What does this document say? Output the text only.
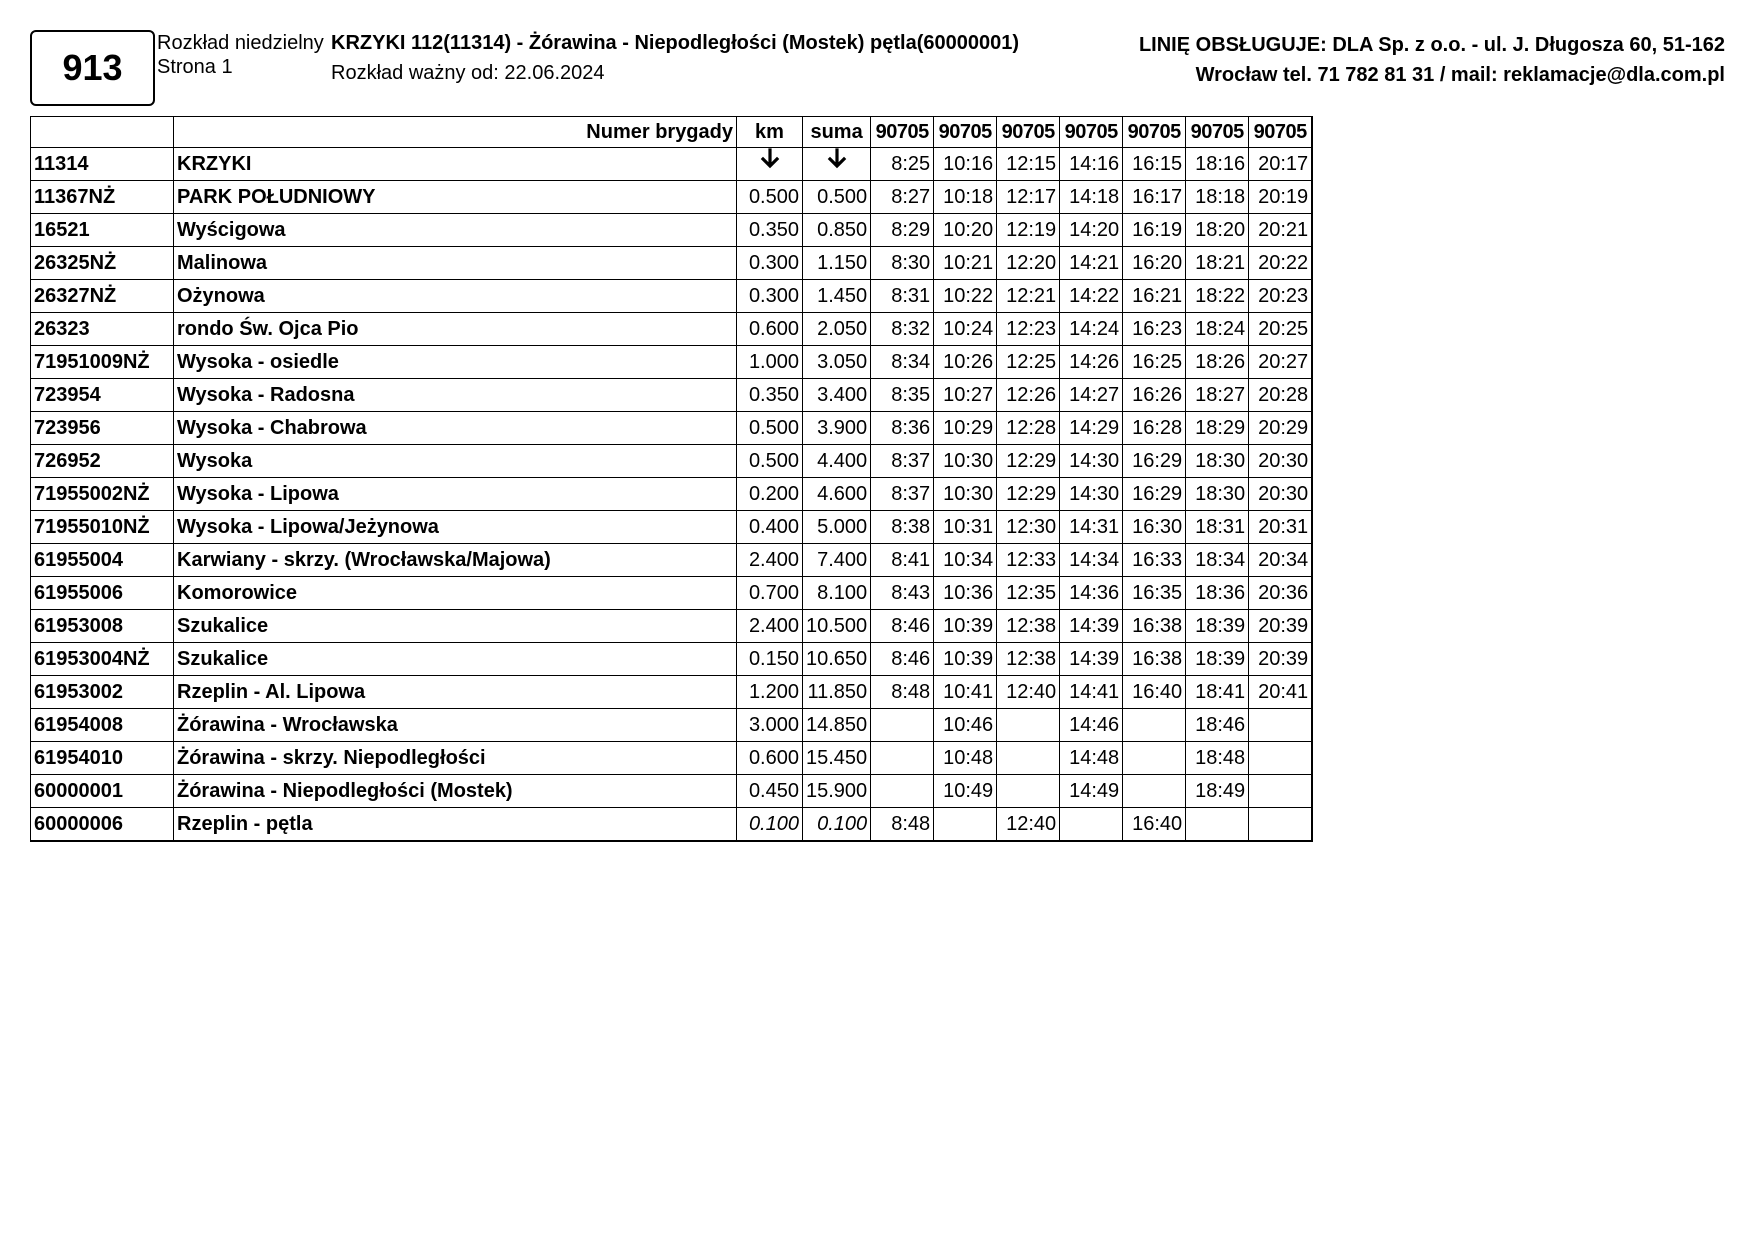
913
Rozkład niedzielny
Strona 1
KRZYKI 112(11314) - Żórawina - Niepodległości (Mostek) pętla(60000001)
Rozkład ważny od: 22.06.2024
LINIĘ OBSŁUGUJE: DLA Sp. z o.o. - ul. J. Długosza 60, 51-162
Wrocław tel. 71 782 81 31 / mail: reklamacje@dla.com.pl
	Numer brygady	km	suma	90705	90705	90705	90705	90705	90705	90705
11314	KRZYKI			8:25	10:16	12:15	14:16	16:15	18:16	20:17
11367NŻ	PARK POŁUDNIOWY	0.500	0.500	8:27	10:18	12:17	14:18	16:17	18:18	20:19
16521	Wyścigowa	0.350	0.850	8:29	10:20	12:19	14:20	16:19	18:20	20:21
26325NŻ	Malinowa	0.300	1.150	8:30	10:21	12:20	14:21	16:20	18:21	20:22
26327NŻ	Ożynowa	0.300	1.450	8:31	10:22	12:21	14:22	16:21	18:22	20:23
26323	rondo Św. Ojca Pio	0.600	2.050	8:32	10:24	12:23	14:24	16:23	18:24	20:25
71951009NŻ	Wysoka - osiedle	1.000	3.050	8:34	10:26	12:25	14:26	16:25	18:26	20:27
723954	Wysoka - Radosna	0.350	3.400	8:35	10:27	12:26	14:27	16:26	18:27	20:28
723956	Wysoka - Chabrowa	0.500	3.900	8:36	10:29	12:28	14:29	16:28	18:29	20:29
726952	Wysoka	0.500	4.400	8:37	10:30	12:29	14:30	16:29	18:30	20:30
71955002NŻ	Wysoka - Lipowa	0.200	4.600	8:37	10:30	12:29	14:30	16:29	18:30	20:30
71955010NŻ	Wysoka - Lipowa/Jeżynowa	0.400	5.000	8:38	10:31	12:30	14:31	16:30	18:31	20:31
61955004	Karwiany - skrzy. (Wrocławska/Majowa)	2.400	7.400	8:41	10:34	12:33	14:34	16:33	18:34	20:34
61955006	Komorowice	0.700	8.100	8:43	10:36	12:35	14:36	16:35	18:36	20:36
61953008	Szukalice	2.400	10.500	8:46	10:39	12:38	14:39	16:38	18:39	20:39
61953004NŻ	Szukalice	0.150	10.650	8:46	10:39	12:38	14:39	16:38	18:39	20:39
61953002	Rzeplin - Al. Lipowa	1.200	11.850	8:48	10:41	12:40	14:41	16:40	18:41	20:41
61954008	Żórawina - Wrocławska	3.000	14.850		10:46		14:46		18:46	
61954010	Żórawina - skrzy. Niepodległości	0.600	15.450		10:48		14:48		18:48	
60000001	Żórawina - Niepodległości (Mostek)	0.450	15.900		10:49		14:49		18:49	
60000006	Rzeplin - pętla	0.100	0.100	8:48		12:40		16:40		
